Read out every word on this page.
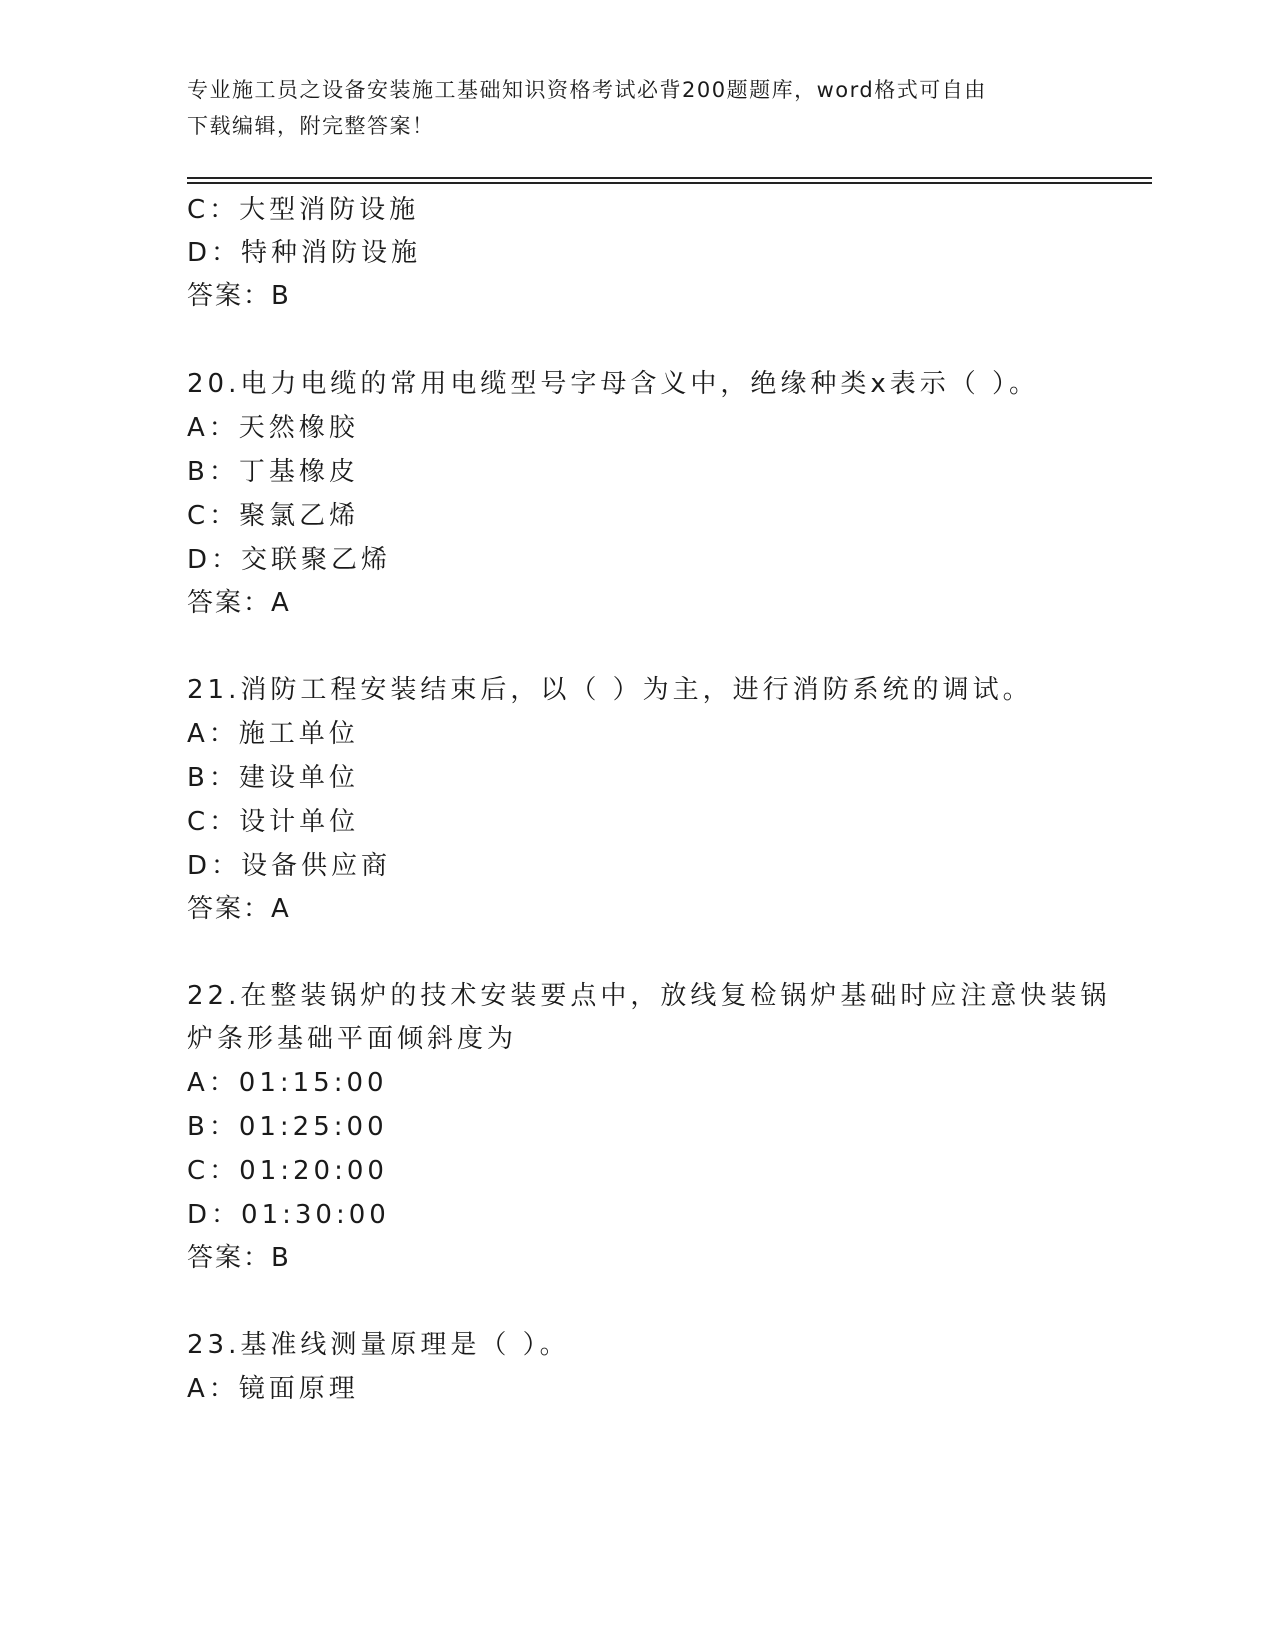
专业施工员之设备安装施工基础知识资格考试必背200题题库，word格式可自由
下载编辑，附完整答案！
C：大型消防设施
D：特种消防设施
答案：B
20.电力电缆的常用电缆型号字母含义中，绝缘种类x表示（ ）。
A：天然橡胶
B：丁基橡皮
C：聚氯乙烯
D：交联聚乙烯
答案：A
21.消防工程安装结束后，以（ ）为主，进行消防系统的调试。
A：施工单位
B：建设单位
C：设计单位
D：设备供应商
答案：A
22.在整装锅炉的技术安装要点中，放线复检锅炉基础时应注意快装锅
炉条形基础平面倾斜度为
A：01:15:00
B：01:25:00
C：01:20:00
D：01:30:00
答案：B
23.基准线测量原理是（ ）。
A：镜面原理
